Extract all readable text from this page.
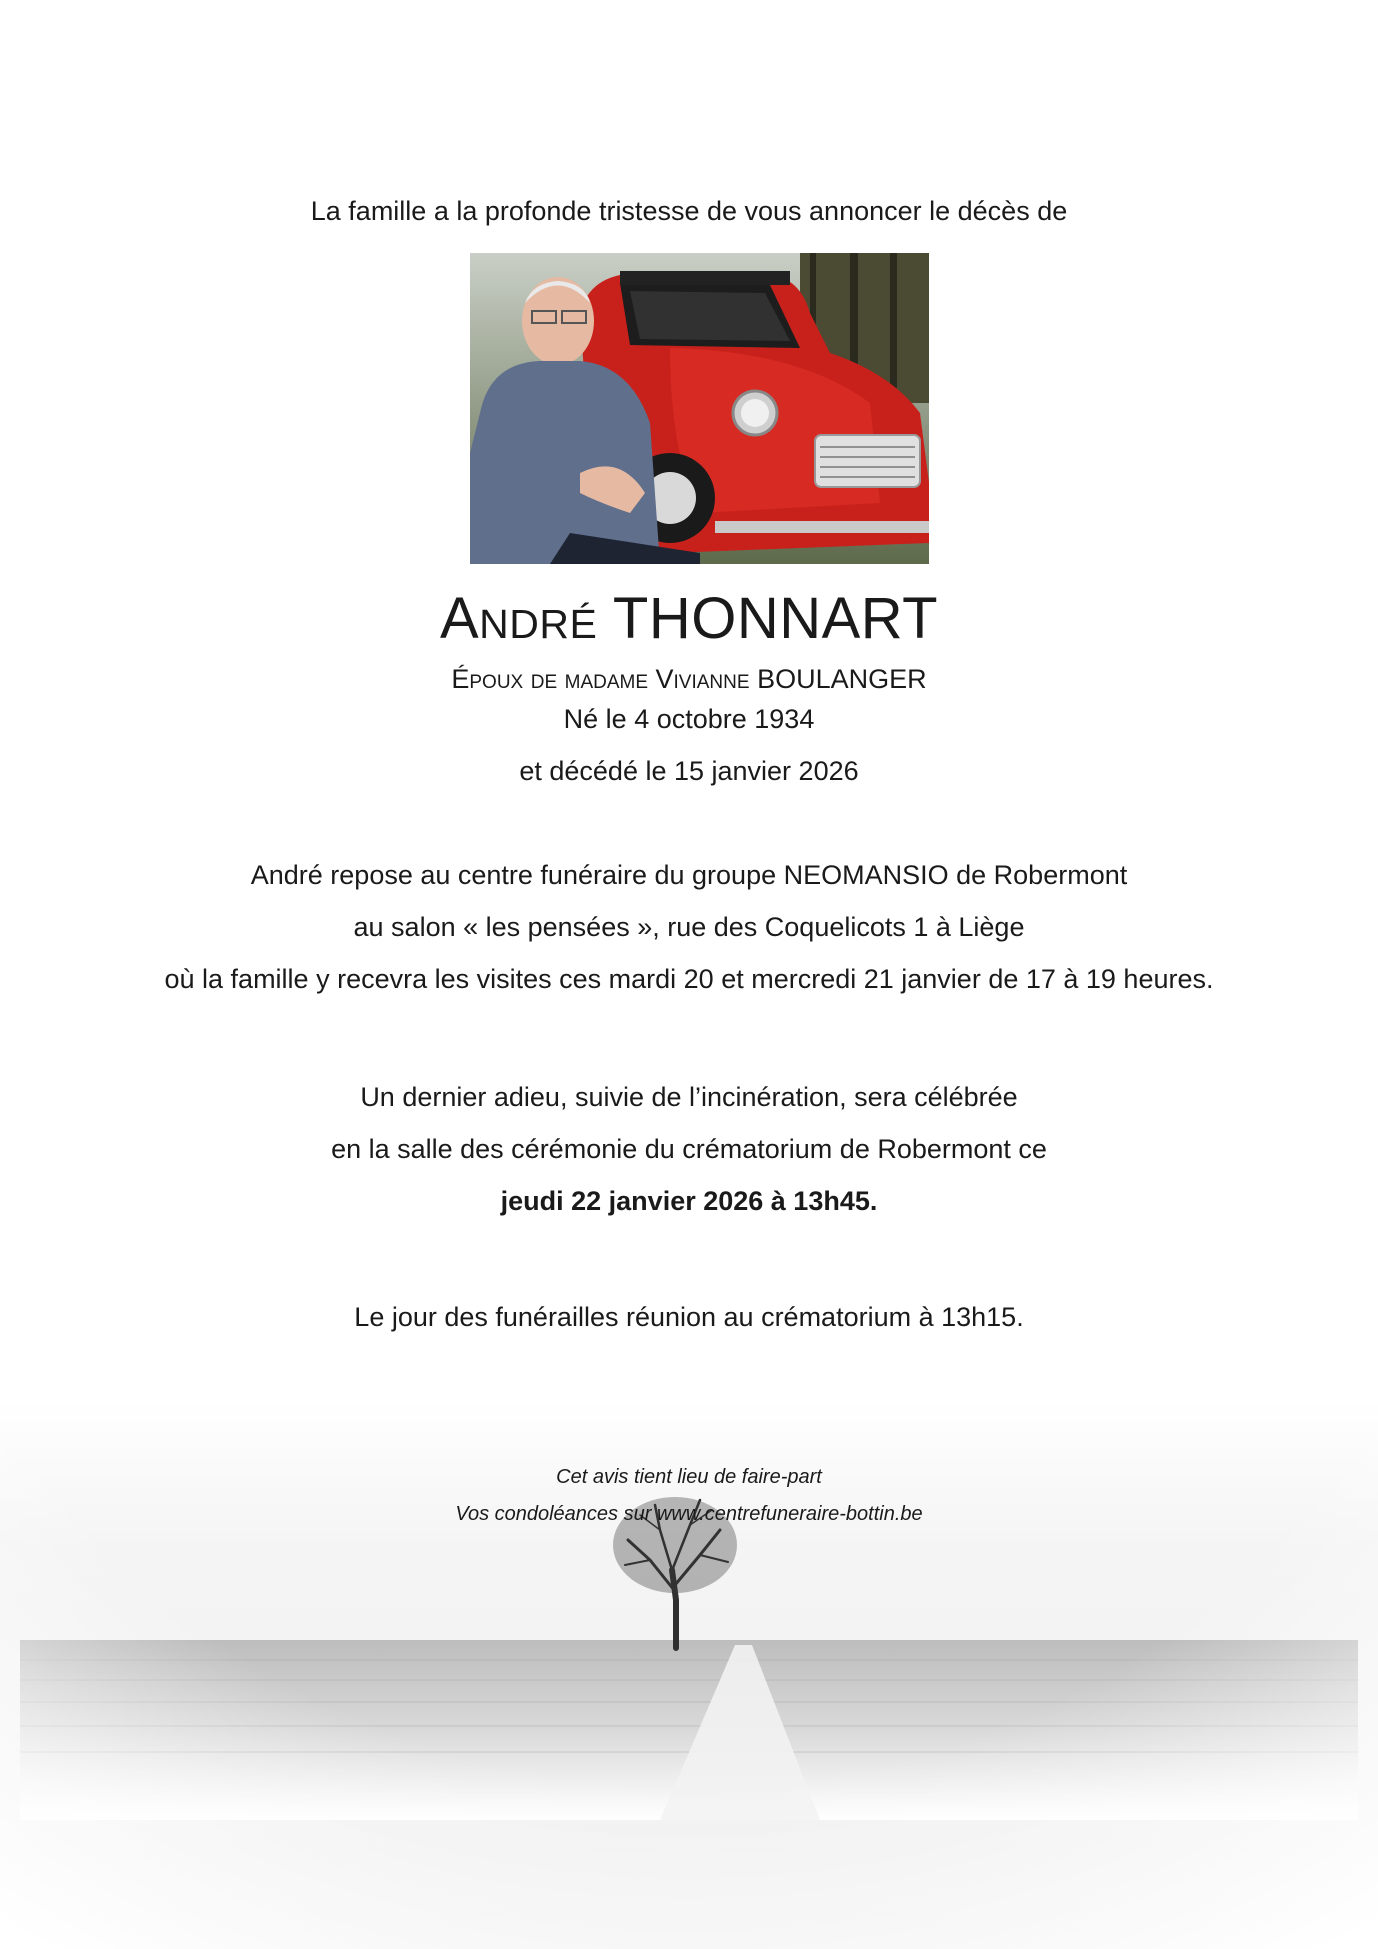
La famille a la profonde tristesse de vous annoncer le décès de
André THONNART
Époux de madame Vivianne BOULANGER
Né le 4 octobre 1934
et décédé le 15 janvier 2026
André repose au centre funéraire du groupe NEOMANSIO de Robermont
au salon « les pensées », rue des Coquelicots 1 à Liège
où la famille y recevra les visites ces mardi 20 et mercredi 21 janvier de 17 à 19 heures.
Un dernier adieu, suivie de l’incinération, sera célébrée
en la salle des cérémonie du crématorium de Robermont ce
jeudi 22 janvier 2026 à 13h45.
Le jour des funérailles réunion au crématorium à 13h15.
Cet avis tient lieu de faire-part
Vos condoléances sur www.centrefuneraire-bottin.be
